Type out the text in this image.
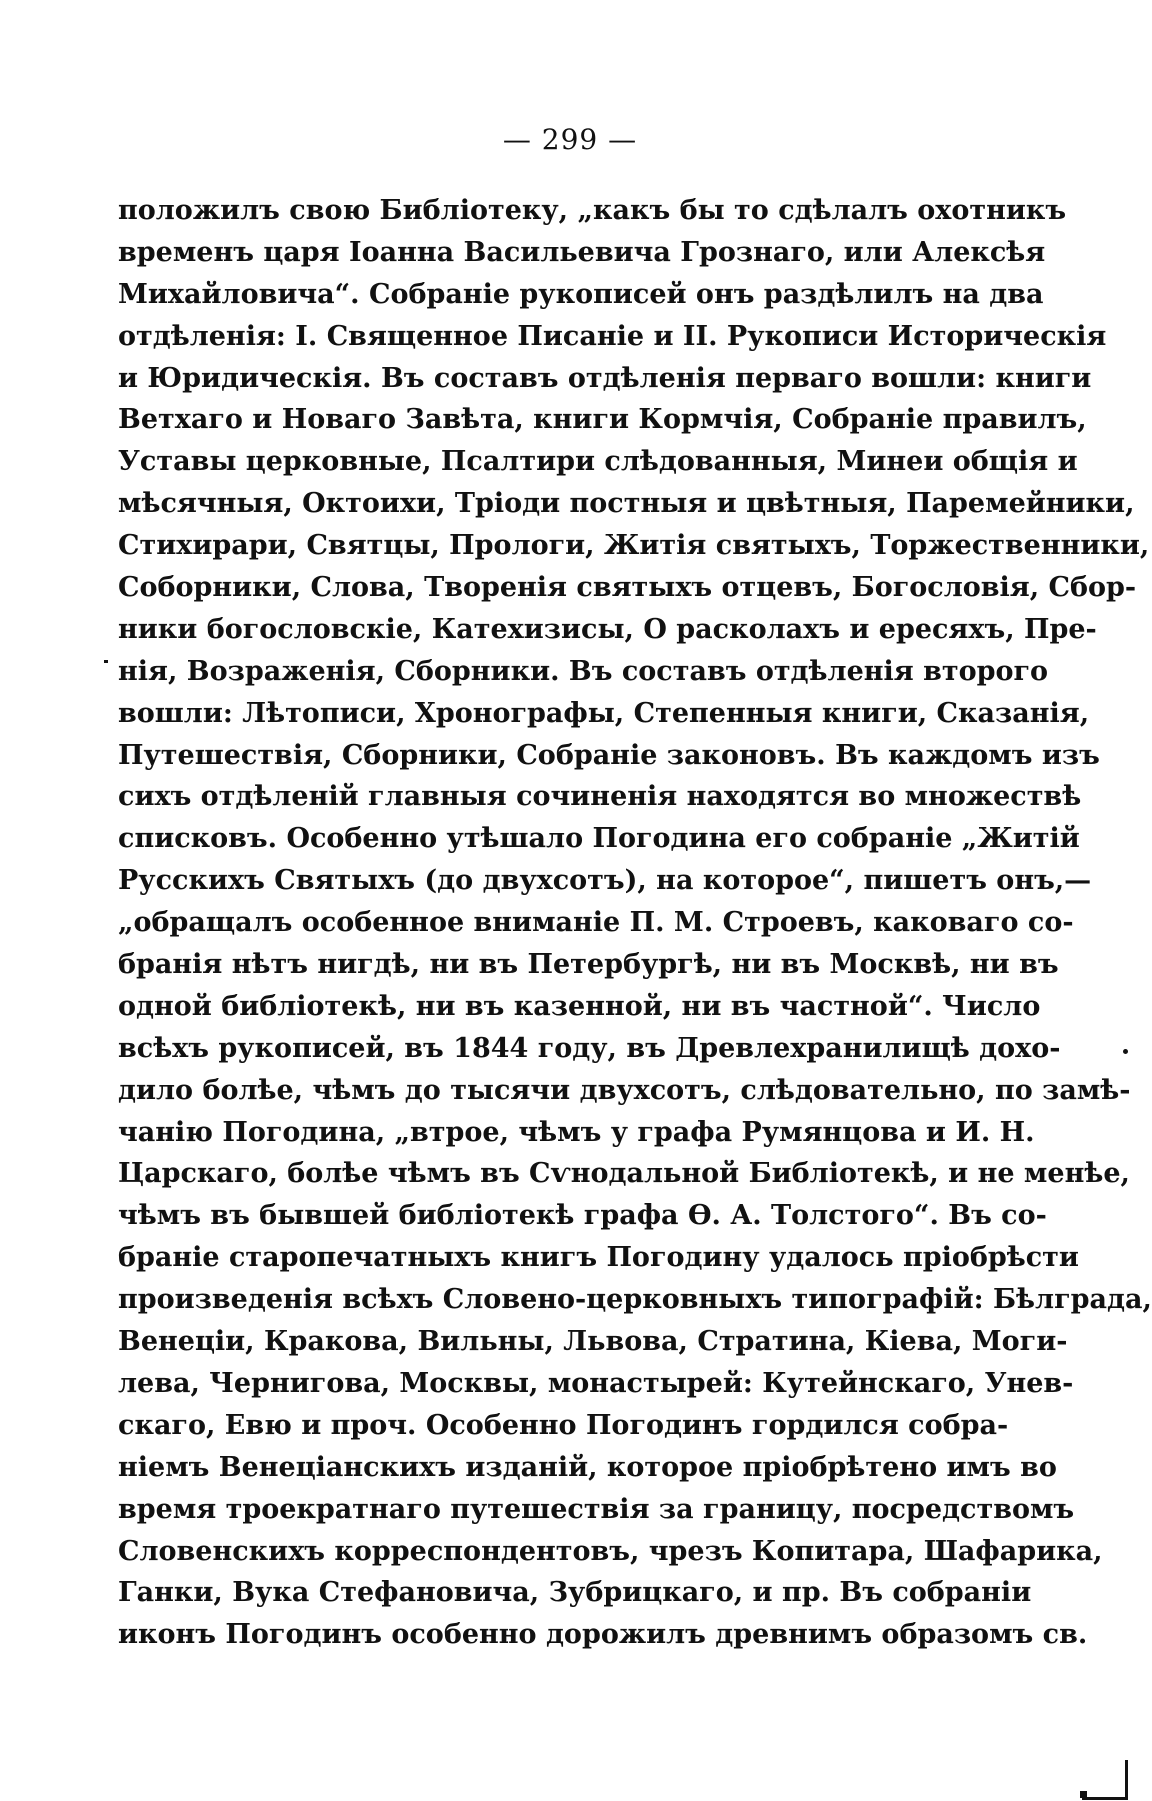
— 299 —
положилъ свою Библіотеку, „какъ бы то сдѣлалъ охотникъ
временъ царя Іоанна Васильевича Грознаго, или Алексѣя
Михайловича“. Собраніе рукописей онъ раздѣлилъ на два
отдѣленія: I. Священное Писаніе и II. Рукописи Историческія
и Юридическія. Въ составъ отдѣленія перваго вошли: книги
Ветхаго и Новаго Завѣта, книги Кормчія, Собраніе правилъ,
Уставы церковные, Псалтири слѣдованныя, Минеи общія и
мѣсячныя, Октоихи, Тріоди постныя и цвѣтныя, Паремейники,
Стихирари, Святцы, Прологи, Житія святыхъ, Торжественники,
Соборники, Слова, Творенія святыхъ отцевъ, Богословія, Сбор-
ники богословскіе, Катехизисы, О расколахъ и ересяхъ, Пре-
нія, Возраженія, Сборники. Въ составъ отдѣленія второго
вошли: Лѣтописи, Хронографы, Степенныя книги, Сказанія,
Путешествія, Сборники, Собраніе законовъ. Въ каждомъ изъ
сихъ отдѣленій главныя сочиненія находятся во множествѣ
списковъ. Особенно утѣшало Погодина его собраніе „Житій
Русскихъ Святыхъ (до двухсотъ), на которое“, пишетъ онъ,—
„обращалъ особенное вниманіе П. М. Строевъ, каковаго со-
бранія нѣтъ нигдѣ, ни въ Петербургѣ, ни въ Москвѣ, ни въ
одной библіотекѣ, ни въ казенной, ни въ частной“. Число
всѣхъ рукописей, въ 1844 году, въ Древлехранилищѣ дохо-
дило болѣе, чѣмъ до тысячи двухсотъ, слѣдовательно, по замѣ-
чанію Погодина, „втрое, чѣмъ у графа Румянцова и И. Н.
Царскаго, болѣе чѣмъ въ Сѵнодальной Библіотекѣ, и не менѣе,
чѣмъ въ бывшей библіотекѣ графа Ѳ. А. Толстого“. Въ со-
браніе старопечатныхъ книгъ Погодину удалось пріобрѣсти
произведенія всѣхъ Словено-церковныхъ типографій: Бѣлграда,
Венеціи, Кракова, Вильны, Львова, Стратина, Кіева, Моги-
лева, Чернигова, Москвы, монастырей: Кутейнскаго, Унев-
скаго, Евю и проч. Особенно Погодинъ гордился собра-
ніемъ Венеціанскихъ изданій, которое пріобрѣтено имъ во
время троекратнаго путешествія за границу, посредствомъ
Словенскихъ корреспондентовъ, чрезъ Копитара, Шафарика,
Ганки, Вука Стефановича, Зубрицкаго, и пр. Въ собраніи
иконъ Погодинъ особенно дорожилъ древнимъ образомъ св.
